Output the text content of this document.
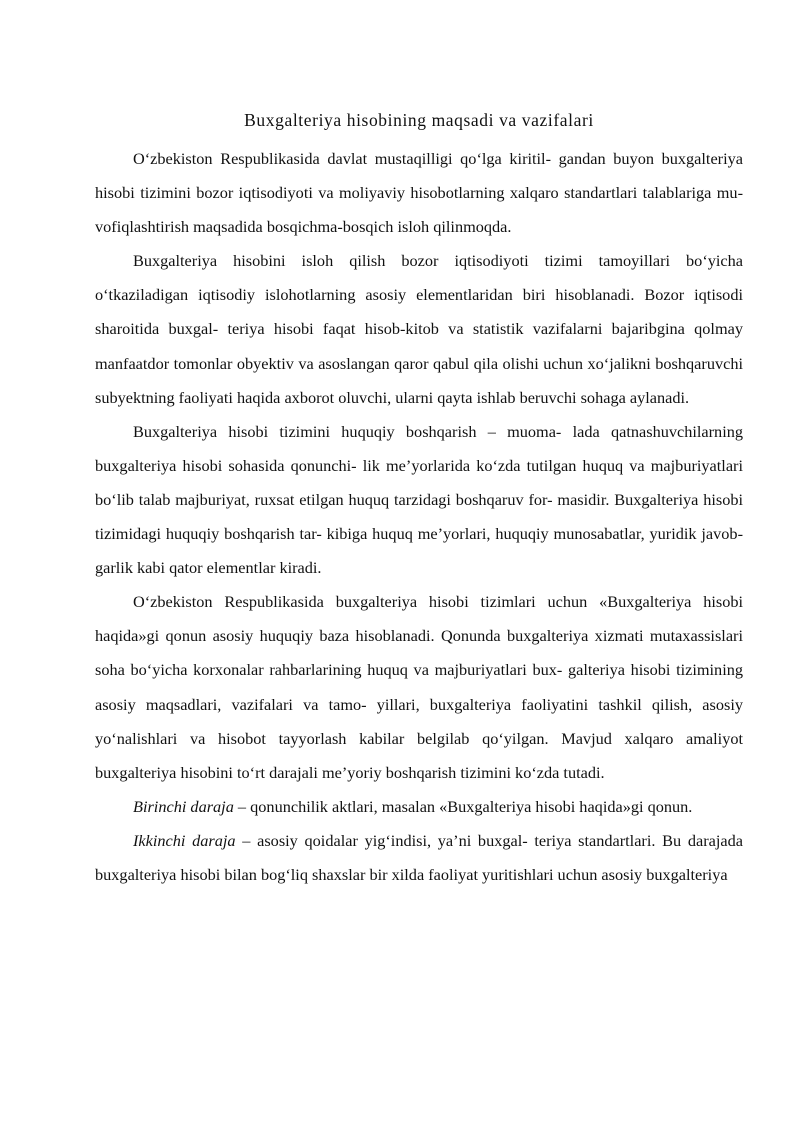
Buxgalteriya hisobining maqsadi va vazifalari

O‘zbekiston Respublikasida davlat mustaqilligi qo‘lga kiritil- gandan buyon buxgalteriya hisobi tizimini bozor iqtisodiyoti va moliyaviy hisobotlarning xalqaro standartlari talablariga mu- vofiqlashtirish maqsadida bosqichma-bosqich isloh qilinmoqda.

Buxgalteriya hisobini isloh qilish bozor iqtisodiyoti tizimi tamoyillari bo‘yicha o‘tkaziladigan iqtisodiy islohotlarning asosiy elementlaridan biri hisoblanadi. Bozor iqtisodi sharoitida buxgal- teriya hisobi faqat hisob-kitob va statistik vazifalarni bajaribgina qolmay manfaatdor tomonlar obyektiv va asoslangan qaror qabul qila olishi uchun xo‘jalikni boshqaruvchi subyektning faoliyati haqida axborot oluvchi, ularni qayta ishlab beruvchi sohaga aylanadi.

Buxgalteriya hisobi tizimini huquqiy boshqarish – muoma- lada qatnashuvchilarning buxgalteriya hisobi sohasida qonunchi- lik me’yorlarida ko‘zda tutilgan huquq va majburiyatlari bo‘lib talab majburiyat, ruxsat etilgan huquq tarzidagi boshqaruv for- masidir. Buxgalteriya hisobi tizimidagi huquqiy boshqarish tar- kibiga huquq me’yorlari, huquqiy munosabatlar, yuridik javob- garlik kabi qator elementlar kiradi.

O‘zbekiston Respublikasida buxgalteriya hisobi tizimlari uchun «Buxgalteriya hisobi haqida»gi qonun asosiy huquqiy baza hisoblanadi. Qonunda buxgalteriya xizmati mutaxassislari soha bo‘yicha korxonalar rahbarlarining huquq va majburiyatlari bux- galteriya hisobi tizimining asosiy maqsadlari, vazifalari va tamo- yillari, buxgalteriya faoliyatini tashkil qilish, asosiy yo‘nalishlari va hisobot tayyorlash kabilar belgilab qo‘yilgan. Mavjud xalqaro amaliyot buxgalteriya hisobini to‘rt darajali me’yoriy boshqarish tizimini ko‘zda tutadi.

Birinchi daraja – qonunchilik aktlari, masalan «Buxgalteriya hisobi haqida»gi qonun.

Ikkinchi daraja – asosiy qoidalar yig‘indisi, ya’ni buxgal- teriya standartlari. Bu darajada buxgalteriya hisobi bilan bog‘liq shaxslar bir xilda faoliyat yuritishlari uchun asosiy buxgalteriya
